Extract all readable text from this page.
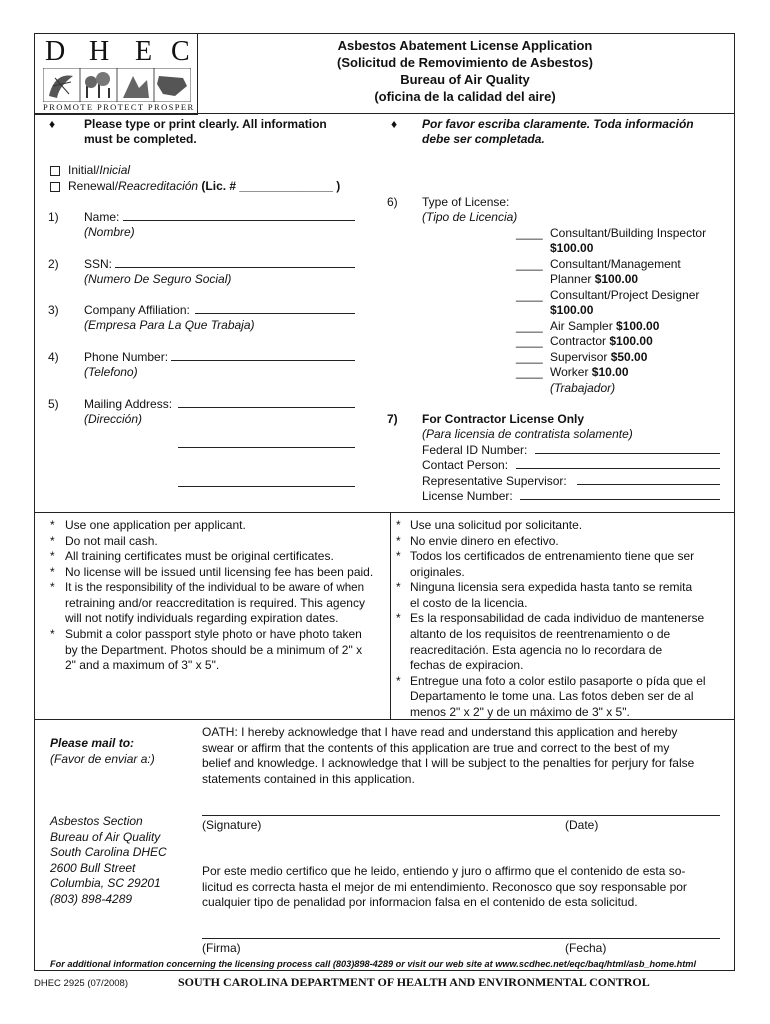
D H E C
PROMOTE PROTECT PROSPER
Asbestos Abatement License Application
(Solicitud de Removimiento de Asbestos)
Bureau of Air Quality
(oficina de la calidad del aire)
♦ Please type or print clearly. All information
must be completed.
♦ Por favor escriba claramente. Toda información
debe ser completada.
Initial/Inicial
Renewal/Reacreditación (Lic. # ______________ )
1) Name:
(Nombre)
2) SSN:
(Numero De Seguro Social)
3) Company Affiliation:
(Empresa Para La Que Trabaja)
4) Phone Number:
(Telefono)
5) Mailing Address:
(Dirección)
6) Type of License:
(Tipo de Licencia)
____ Consultant/Building Inspector
$100.00
____ Consultant/Management
Planner $100.00
____ Consultant/Project Designer
$100.00
____ Air Sampler $100.00
____ Contractor $100.00
____ Supervisor $50.00
____ Worker $10.00
(Trabajador)
7) For Contractor License Only
(Para licensia de contratista solamente)
Federal ID Number:
Contact Person:
Representative Supervisor:
License Number:
* Use one application per applicant.
* Do not mail cash.
* All training certificates must be original certificates.
* No license will be issued until licensing fee has been paid.
* It is the responsibility of the individual to be aware of when
retraining and/or reaccreditation is required. This agency
will not notify individuals regarding expiration dates.
* Submit a color passport style photo or have photo taken
by the Department. Photos should be a minimum of 2" x
2" and a maximum of 3" x 5".
* Use una solicitud por solicitante.
* No envie dinero en efectivo.
* Todos los certificados de entrenamiento tiene que ser
originales.
* Ninguna licensia sera expedida hasta tanto se remita
el costo de la licencia.
* Es la responsabilidad de cada individuo de mantenerse
altanto de los requisitos de reentrenamiento o de
reacreditación. Esta agencia no lo recordara de
fechas de expiracion.
* Entregue una foto a color estilo pasaporte o pída que el
Departamento le tome una. Las fotos deben ser de al
menos 2" x 2" y de un máximo de 3" x 5".
Please mail to:
(Favor de enviar a:)
Asbestos Section
Bureau of Air Quality
South Carolina DHEC
2600 Bull Street
Columbia, SC 29201
(803) 898-4289
OATH: I hereby acknowledge that I have read and understand this application and hereby
swear or affirm that the contents of this application are true and correct to the best of my
belief and knowledge. I acknowledge that I will be subject to the penalties for perjury for false
statements contained in this application.
(Signature)	(Date)
Por este medio certifico que he leido, entiendo y juro o affirmo que el contenido de esta so-
licitud es correcta hasta el mejor de mi entendimiento. Reconosco que soy responsable por
cualquier tipo de penalidad por informacion falsa en el contenido de esta solicitud.
(Firma)	(Fecha)
For additional information concerning the licensing process call (803)898-4289 or visit our web site at www.scdhec.net/eqc/baq/html/asb_home.html
DHEC 2925 (07/2008)	SOUTH CAROLINA DEPARTMENT OF HEALTH AND ENVIRONMENTAL CONTROL
